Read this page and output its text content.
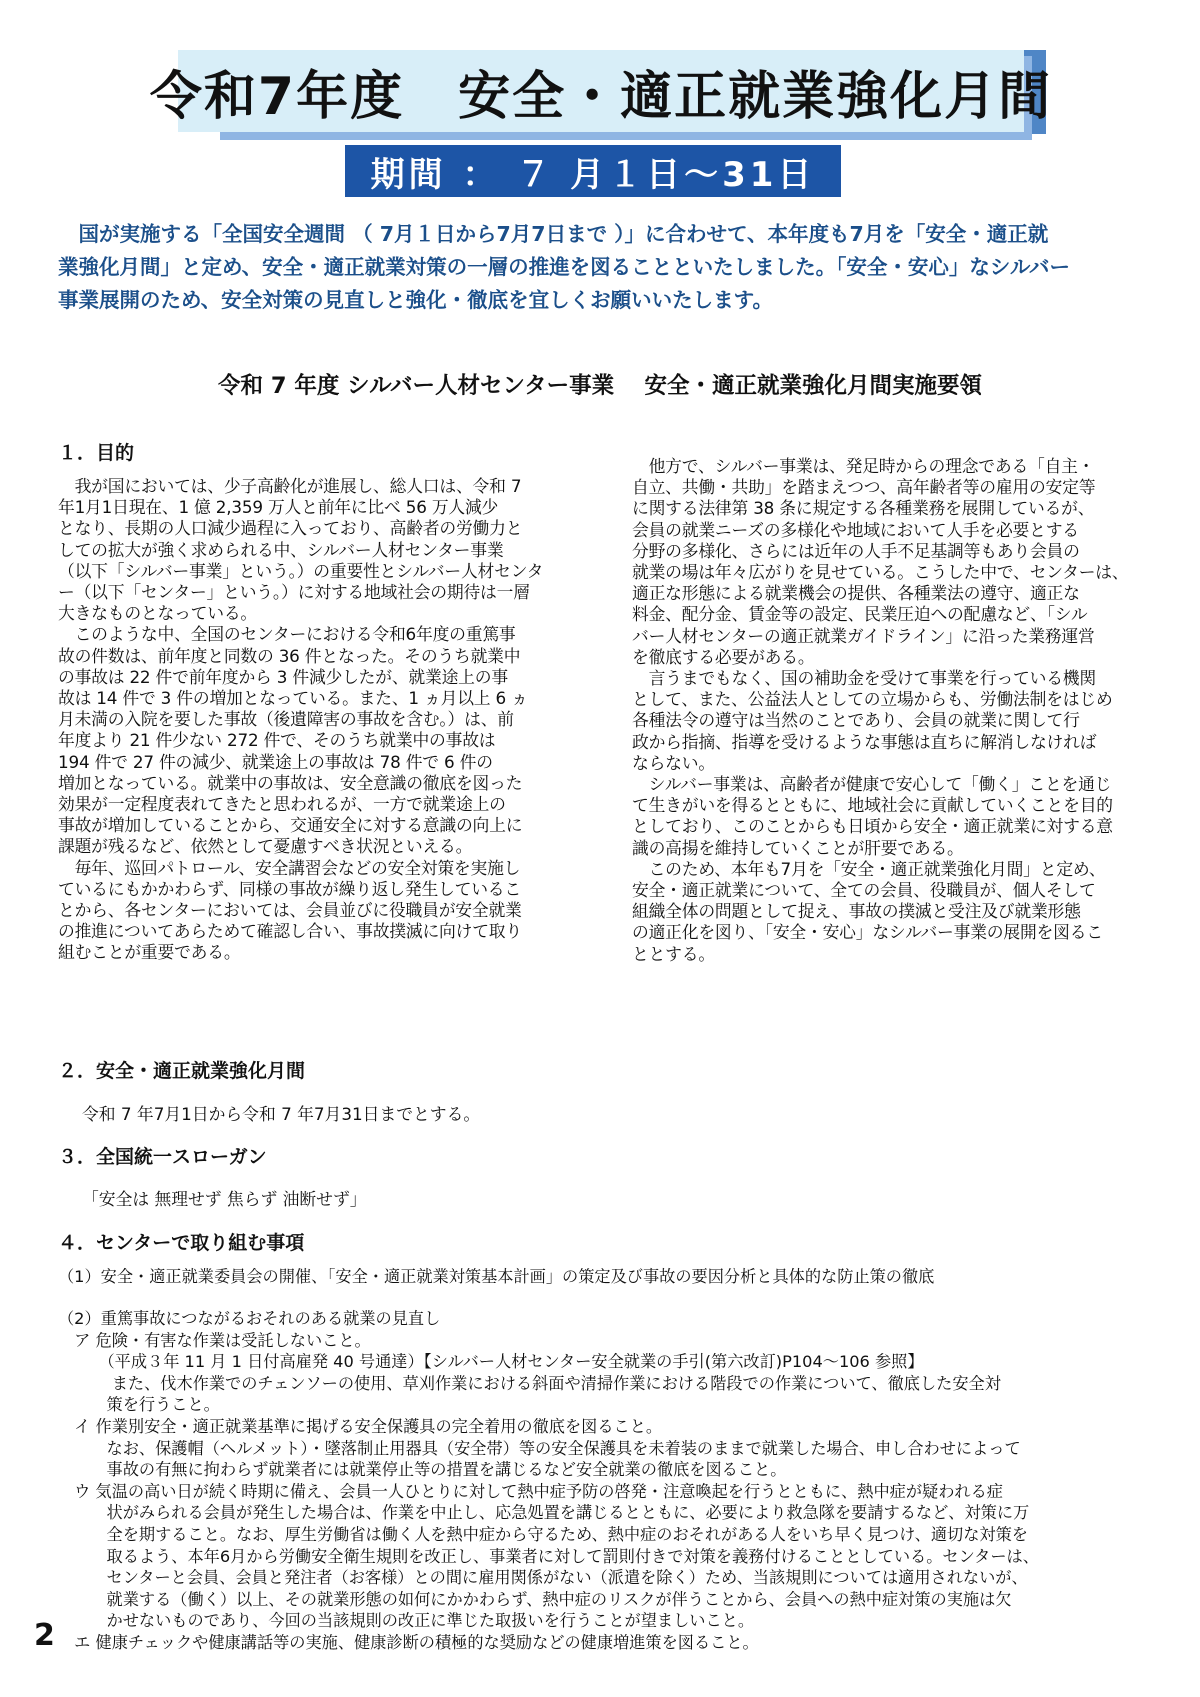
令和7年度　安全・適正就業強化月間
期間 ： ７ 月１日～31日
　国が実施する「全国安全週間 （ 7月１日から7月7日まで ）」に合わせて、本年度も7月を「安全・適正就
業強化月間」と定め、安全・適正就業対策の一層の推進を図ることといたしました。「安全・安心」なシルバー
事業展開のため、安全対策の見直しと強化・徹底を宜しくお願いいたします。
令和 7 年度 シルバー人材センター事業　 安全・適正就業強化月間実施要領
１．目的
　我が国においては、少子高齢化が進展し、総人口は、令和 7
年1月1日現在、1 億 2,359 万人と前年に比べ 56 万人減少
となり、長期の人口減少過程に入っており、高齢者の労働力と
しての拡大が強く求められる中、シルバー人材センター事業
（以下「シルバー事業」という。）の重要性とシルバー人材センタ
ー（以下「センター」という。）に対する地域社会の期待は一層
大きなものとなっている。
　このような中、全国のセンターにおける令和6年度の重篤事
故の件数は、前年度と同数の 36 件となった。そのうち就業中
の事故は 22 件で前年度から 3 件減少したが、就業途上の事
故は 14 件で 3 件の増加となっている。また、1 ヵ月以上 6 ヵ
月未満の入院を要した事故（後遺障害の事故を含む。）は、前
年度より 21 件少ない 272 件で、そのうち就業中の事故は
194 件で 27 件の減少、就業途上の事故は 78 件で 6 件の
増加となっている。就業中の事故は、安全意識の徹底を図った
効果が一定程度表れてきたと思われるが、一方で就業途上の
事故が増加していることから、交通安全に対する意識の向上に
課題が残るなど、依然として憂慮すべき状況といえる。
　毎年、巡回パトロール、安全講習会などの安全対策を実施し
ているにもかかわらず、同様の事故が繰り返し発生しているこ
とから、各センターにおいては、会員並びに役職員が安全就業
の推進についてあらためて確認し合い、事故撲滅に向けて取り
組むことが重要である。
　他方で、シルバー事業は、発足時からの理念である「自主・
自立、共働・共助」を踏まえつつ、高年齢者等の雇用の安定等
に関する法律第 38 条に規定する各種業務を展開しているが、
会員の就業ニーズの多様化や地域において人手を必要とする
分野の多様化、さらには近年の人手不足基調等もあり会員の
就業の場は年々広がりを見せている。こうした中で、センターは、
適正な形態による就業機会の提供、各種業法の遵守、適正な
料金、配分金、賃金等の設定、民業圧迫への配慮など、「シル
バー人材センターの適正就業ガイドライン」に沿った業務運営
を徹底する必要がある。
　言うまでもなく、国の補助金を受けて事業を行っている機関
として、また、公益法人としての立場からも、労働法制をはじめ
各種法令の遵守は当然のことであり、会員の就業に関して行
政から指摘、指導を受けるような事態は直ちに解消しなければ
ならない。
　シルバー事業は、高齢者が健康で安心して「働く」ことを通じ
て生きがいを得るとともに、地域社会に貢献していくことを目的
としており、このことからも日頃から安全・適正就業に対する意
識の高揚を維持していくことが肝要である。
　このため、本年も7月を「安全・適正就業強化月間」と定め、
安全・適正就業について、全ての会員、役職員が、個人そして
組織全体の問題として捉え、事故の撲滅と受注及び就業形態
の適正化を図り、「安全・安心」なシルバー事業の展開を図るこ
ととする。
２．安全・適正就業強化月間
令和 7 年7月1日から令和 7 年7月31日までとする。
３．全国統一スローガン
「安全は 無理せず 焦らず 油断せず」
４．センターで取り組む事項
（1）安全・適正就業委員会の開催、「安全・適正就業対策基本計画」の策定及び事故の要因分析と具体的な防止策の徹底
（2）重篤事故につながるおそれのある就業の見直し
　ア 危険・有害な作業は受託しないこと。
　　　（平成３年 11 月 1 日付高雇発 40 号通達）【シルバー人材センター安全就業の手引(第六改訂)P104～106 参照】
　　　 また、伐木作業でのチェンソーの使用、草刈作業における斜面や清掃作業における階段での作業について、徹底した安全対
　　　策を行うこと。
　イ 作業別安全・適正就業基準に掲げる安全保護具の完全着用の徹底を図ること。
　　　なお、保護帽（ヘルメット）・墜落制止用器具（安全帯）等の安全保護具を未着装のままで就業した場合、申し合わせによって
　　　事故の有無に拘わらず就業者には就業停止等の措置を講じるなど安全就業の徹底を図ること。
　ウ 気温の高い日が続く時期に備え、会員一人ひとりに対して熱中症予防の啓発・注意喚起を行うとともに、熱中症が疑われる症
　　　状がみられる会員が発生した場合は、作業を中止し、応急処置を講じるとともに、必要により救急隊を要請するなど、対策に万
　　　全を期すること。なお、厚生労働省は働く人を熱中症から守るため、熱中症のおそれがある人をいち早く見つけ、適切な対策を
　　　取るよう、本年6月から労働安全衛生規則を改正し、事業者に対して罰則付きで対策を義務付けることとしている。センターは、
　　　センターと会員、会員と発注者（お客様）との間に雇用関係がない（派遣を除く）ため、当該規則については適用されないが、
　　　就業する（働く）以上、その就業形態の如何にかかわらず、熱中症のリスクが伴うことから、会員への熱中症対策の実施は欠
　　　かせないものであり、今回の当該規則の改正に準じた取扱いを行うことが望ましいこと。
　エ 健康チェックや健康講話等の実施、健康診断の積極的な奨励などの健康増進策を図ること。
2
